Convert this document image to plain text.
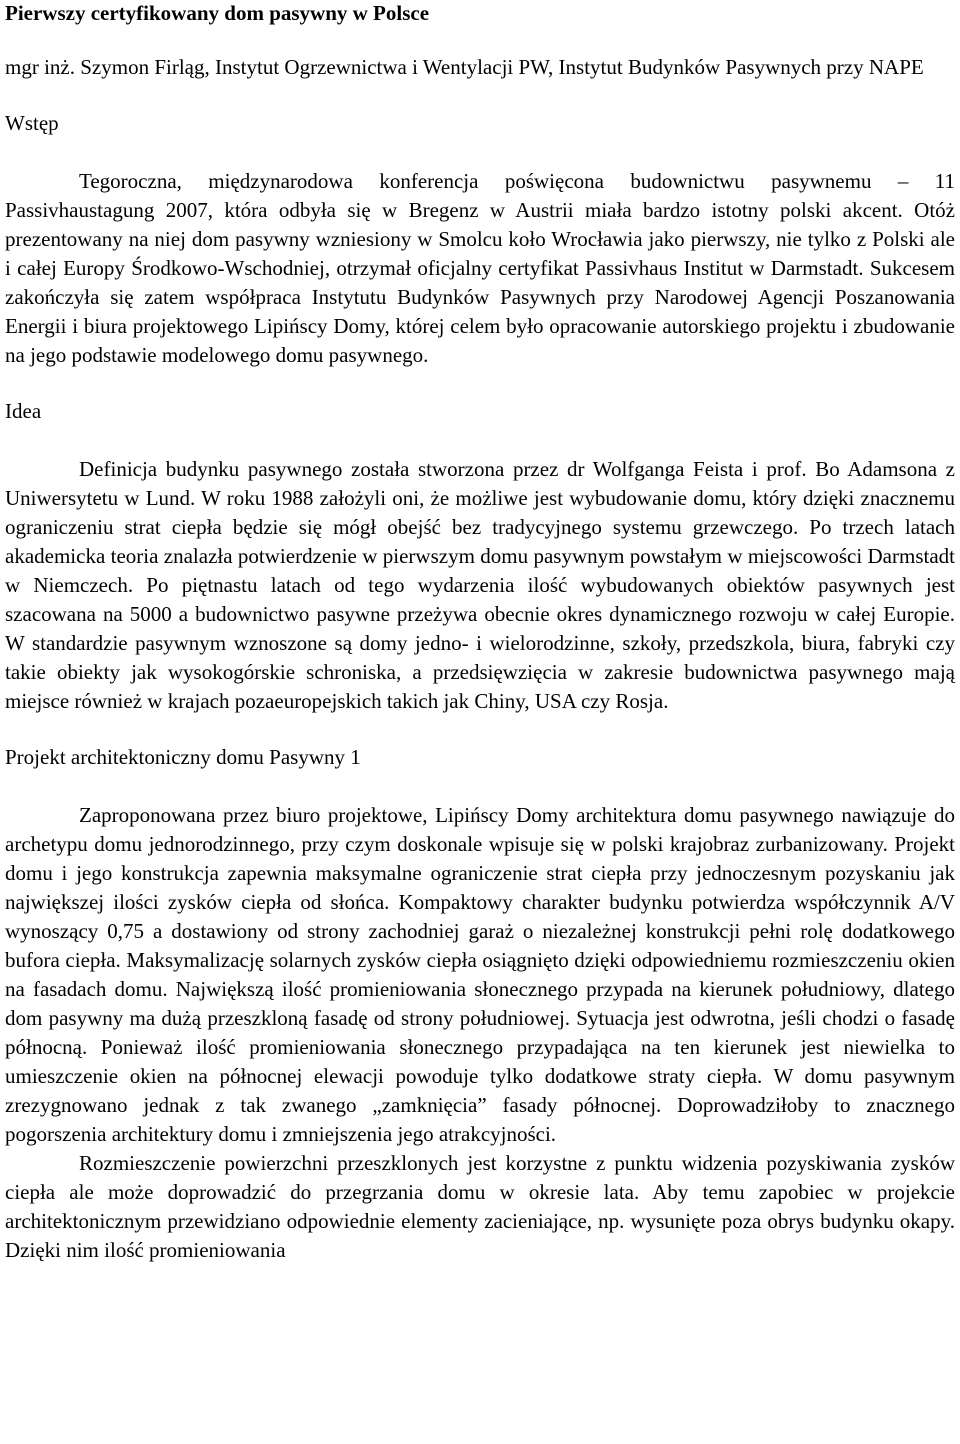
Pierwszy certyfikowany dom pasywny w Polsce
mgr inż. Szymon Firląg, Instytut Ogrzewnictwa i Wentylacji PW, Instytut Budynków Pasywnych przy NAPE
Wstęp

Tegoroczna, międzynarodowa konferencja poświęcona budownictwu pasywnemu – 11 Passivhaustagung 2007, która odbyła się w Bregenz w Austrii miała bardzo istotny polski akcent. Otóż prezentowany na niej dom pasywny wzniesiony w Smolcu koło Wrocławia jako pierwszy, nie tylko z Polski ale i całej Europy Środkowo-Wschodniej, otrzymał oficjalny certyfikat Passivhaus Institut w Darmstadt. Sukcesem zakończyła się zatem współpraca Instytutu Budynków Pasywnych przy Narodowej Agencji Poszanowania Energii i biura projektowego Lipińscy Domy, której celem było opracowanie autorskiego projektu i zbudowanie na jego podstawie modelowego domu pasywnego.

Idea

Definicja budynku pasywnego została stworzona przez dr Wolfganga Feista i prof. Bo Adamsona z Uniwersytetu w Lund. W roku 1988 założyli oni, że możliwe jest wybudowanie domu, który dzięki znacznemu ograniczeniu strat ciepła będzie się mógł obejść bez tradycyjnego systemu grzewczego. Po trzech latach akademicka teoria znalazła potwierdzenie w pierwszym domu pasywnym powstałym w miejscowości Darmstadt w Niemczech. Po piętnastu latach od tego wydarzenia ilość wybudowanych obiektów pasywnych jest szacowana na 5000 a budownictwo pasywne przeżywa obecnie okres dynamicznego rozwoju w całej Europie. W standardzie pasywnym wznoszone są domy jedno- i wielorodzinne, szkoły, przedszkola, biura, fabryki czy takie obiekty jak wysokogórskie schroniska, a przedsięwzięcia w zakresie budownictwa pasywnego mają miejsce również w krajach pozaeuropejskich takich jak Chiny, USA czy Rosja.

Projekt architektoniczny domu Pasywny 1

Zaproponowana przez biuro projektowe, Lipińscy Domy architektura domu pasywnego nawiązuje do archetypu domu jednorodzinnego, przy czym doskonale wpisuje się w polski krajobraz zurbanizowany. Projekt domu i jego konstrukcja zapewnia maksymalne ograniczenie strat ciepła przy jednoczesnym pozyskaniu jak największej ilości zysków ciepła od słońca. Kompaktowy charakter budynku potwierdza współczynnik A/V wynoszący 0,75 a dostawiony od strony zachodniej garaż o niezależnej konstrukcji pełni rolę dodatkowego bufora ciepła. Maksymalizację solarnych zysków ciepła osiągnięto dzięki odpowiedniemu rozmieszczeniu okien na fasadach domu. Największą ilość promieniowania słonecznego przypada na kierunek południowy, dlatego dom pasywny ma dużą przeszkloną fasadę od strony południowej. Sytuacja jest odwrotna, jeśli chodzi o fasadę północną. Ponieważ ilość promieniowania słonecznego przypadająca na ten kierunek jest niewielka to umieszczenie okien na północnej elewacji powoduje tylko dodatkowe straty ciepła. W domu pasywnym zrezygnowano jednak z tak zwanego „zamknięcia” fasady północnej. Doprowadziłoby to znacznego pogorszenia architektury domu i zmniejszenia jego atrakcyjności.

Rozmieszczenie powierzchni przeszklonych jest korzystne z punktu widzenia pozyskiwania zysków ciepła ale może doprowadzić do przegrzania domu w okresie lata. Aby temu zapobiec w projekcie architektonicznym przewidziano odpowiednie elementy zacieniające, np. wysunięte poza obrys budynku okapy. Dzięki nim ilość promieniowania
